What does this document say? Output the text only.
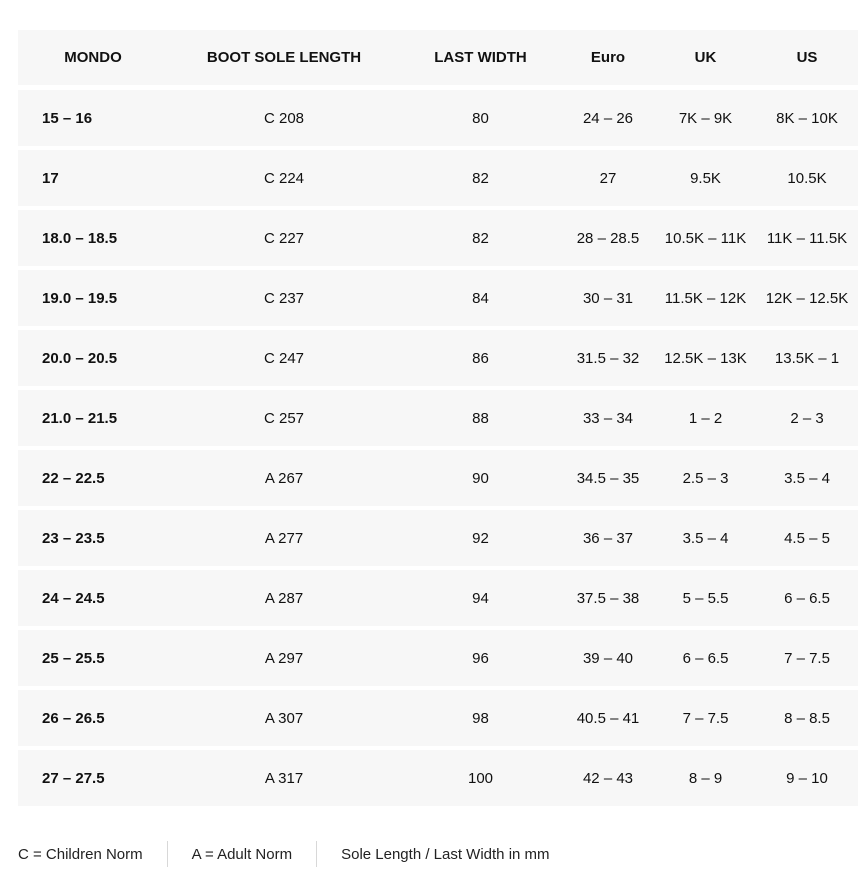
MONDO	BOOT SOLE LENGTH	LAST WIDTH	Euro	UK	US
15 – 16	C 208	80	24 – 26	7K – 9K	8K – 10K
17	C 224	82	27	9.5K	10.5K
18.0 – 18.5	C 227	82	28 – 28.5	10.5K – 11K	11K – 11.5K
19.0 – 19.5	C 237	84	30 – 31	11.5K – 12K	12K – 12.5K
20.0 – 20.5	C 247	86	31.5 – 32	12.5K – 13K	13.5K – 1
21.0 – 21.5	C 257	88	33 – 34	1 – 2	2 – 3
22 – 22.5	A 267	90	34.5 – 35	2.5 – 3	3.5 – 4
23 – 23.5	A 277	92	36 – 37	3.5 – 4	4.5 – 5
24 – 24.5	A 287	94	37.5 – 38	5 – 5.5	6 – 6.5
25 – 25.5	A 297	96	39 – 40	6 – 6.5	7 – 7.5
26 – 26.5	A 307	98	40.5 – 41	7 – 7.5	8 – 8.5
27 – 27.5	A 317	100	42 – 43	8 – 9	9 – 10
C = Children Norm	A = Adult Norm	Sole Length / Last Width in mm
